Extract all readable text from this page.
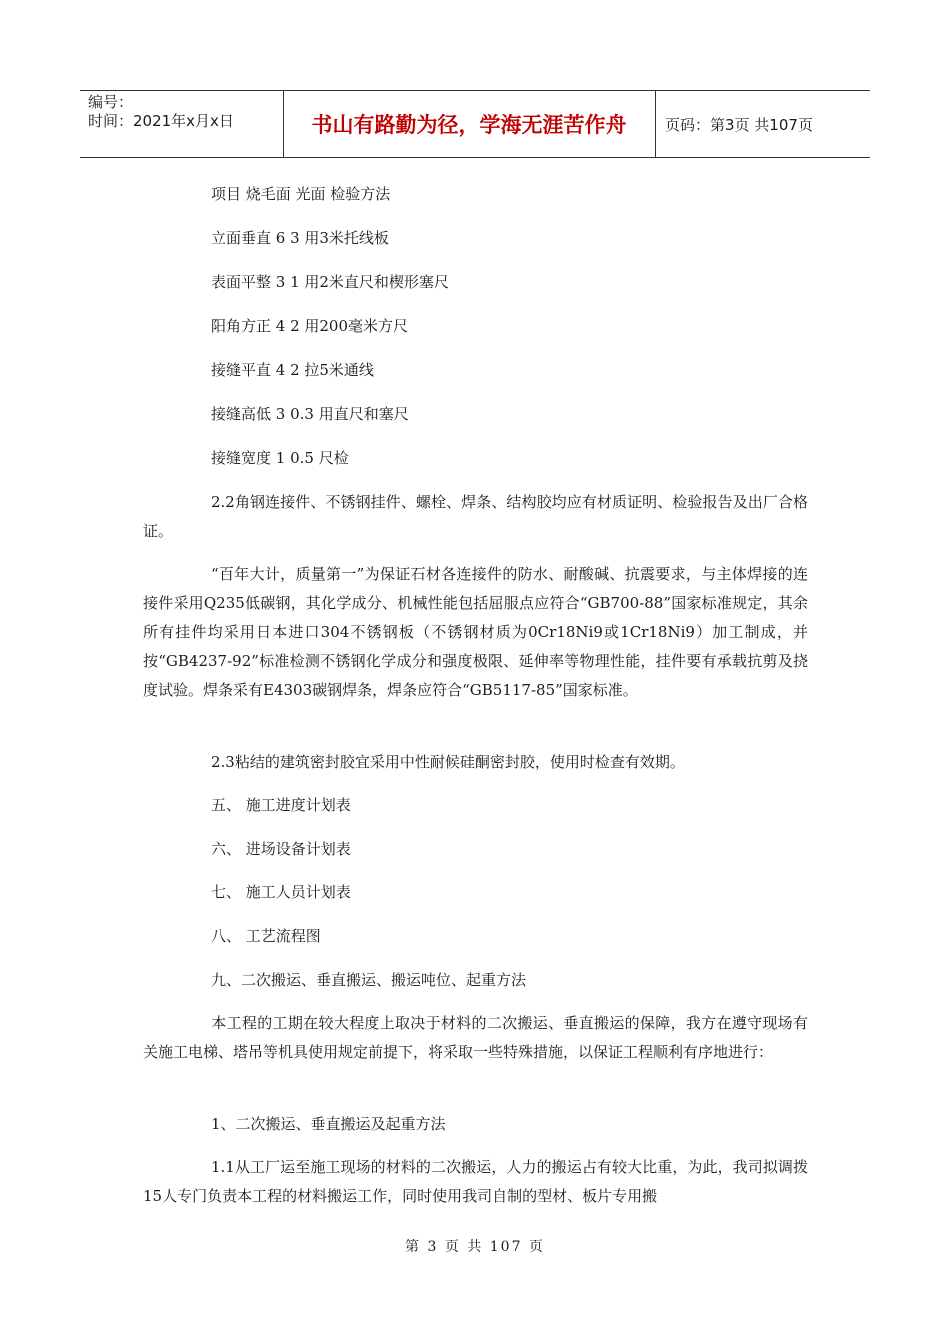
编号：
时间：2021年x月x日	书山有路勤为径，学海无涯苦作舟	页码：第3页 共107页
项目 烧毛面 光面 检验方法
立面垂直 6 3 用3米托线板
表面平整 3 1 用2米直尺和楔形塞尺
阳角方正 4 2 用200毫米方尺
接缝平直 4 2 拉5米通线
接缝高低 3 0.3 用直尺和塞尺
接缝宽度 1 0.5 尺检
2.2角钢连接件、不锈钢挂件、螺栓、焊条、结构胶均应有材质证明、检验报告及出厂合格证。
“百年大计，质量第一”为保证石材各连接件的防水、耐酸碱、抗震要求，与主体焊接的连接件采用Q235低碳钢，其化学成分、机械性能包括屈服点应符合“GB700-88”国家标准规定，其余所有挂件均采用日本进口304不锈钢板（不锈钢材质为0Cr18Ni9或1Cr18Ni9）加工制成，并按“GB4237-92”标准检测不锈钢化学成分和强度极限、延伸率等物理性能，挂件要有承载抗剪及挠度试验。焊条采有E4303碳钢焊条，焊条应符合“GB5117-85”国家标准。
2.3粘结的建筑密封胶宜采用中性耐候硅酮密封胶，使用时检查有效期。
五、 施工进度计划表
六、 进场设备计划表
七、 施工人员计划表
八、 工艺流程图
九、二次搬运、垂直搬运、搬运吨位、起重方法
本工程的工期在较大程度上取决于材料的二次搬运、垂直搬运的保障，我方在遵守现场有关施工电梯、塔吊等机具使用规定前提下，将采取一些特殊措施，以保证工程顺利有序地进行：
1、二次搬运、垂直搬运及起重方法
1.1从工厂运至施工现场的材料的二次搬运，人力的搬运占有较大比重，为此，我司拟调拨15人专门负责本工程的材料搬运工作，同时使用我司自制的型材、板片专用搬
第 3 页 共 107 页
